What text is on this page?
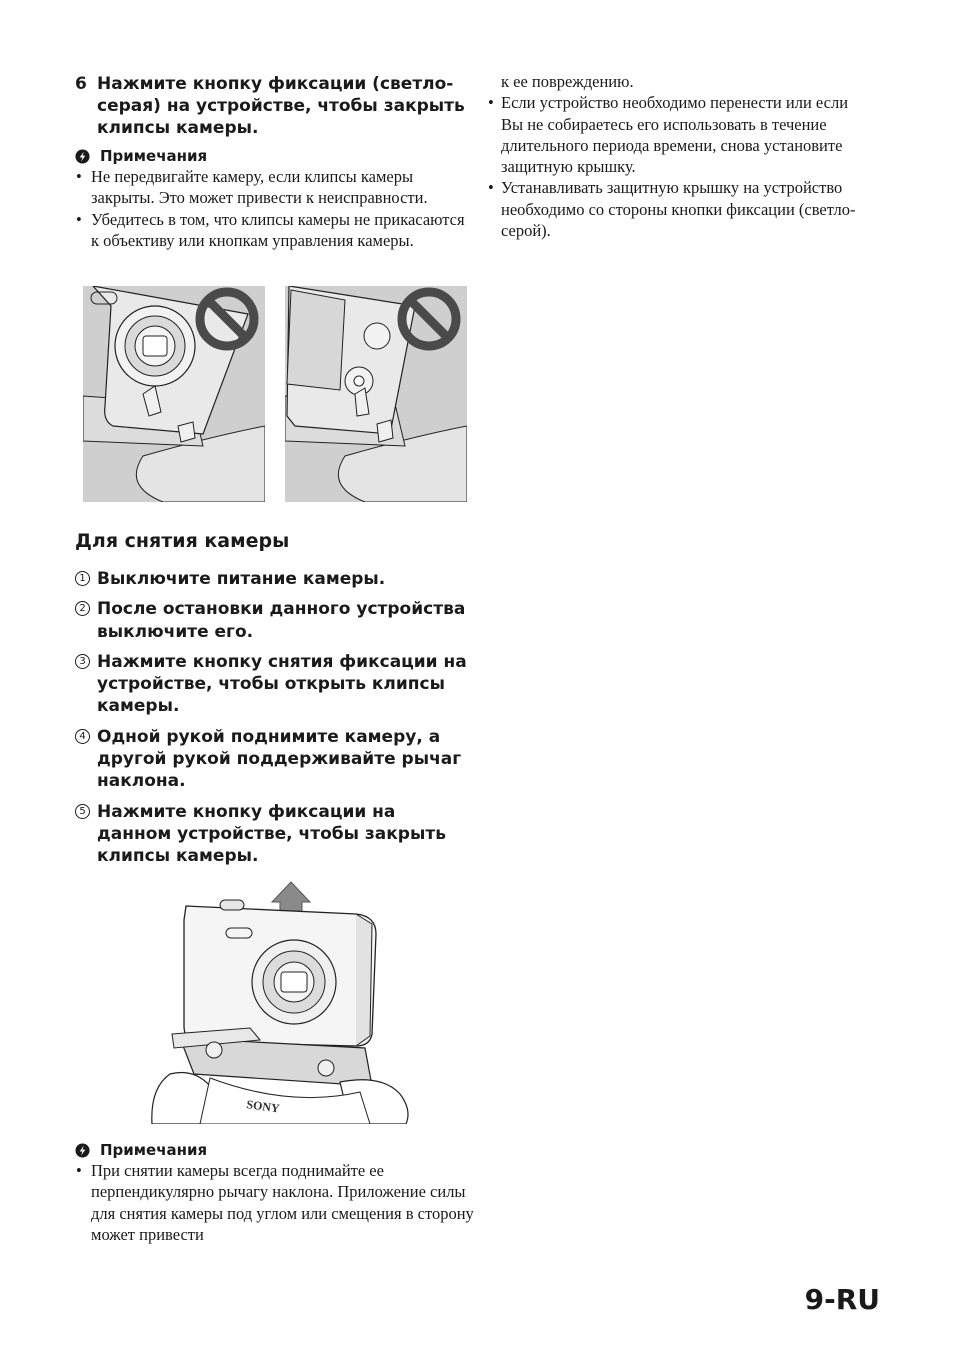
6 Нажмите кнопку фиксации (светло-серая) на устройстве, чтобы закрыть клипсы камеры.
Примечания
• Не передвигайте камеру, если клипсы камеры закрыты. Это может привести к неисправности.
• Убедитесь в том, что клипсы камеры не прикасаются к объективу или кнопкам управления камеры.
Для снятия камеры
1 Выключите питание камеры.
2 После остановки данного устройства выключите его.
3 Нажмите кнопку снятия фиксации на устройстве, чтобы открыть клипсы камеры.
4 Одной рукой поднимите камеру, а другой рукой поддерживайте рычаг наклона.
5 Нажмите кнопку фиксации на данном устройстве, чтобы закрыть клипсы камеры.
SONY
Примечания
• При снятии камеры всегда поднимайте ее перпендикулярно рычагу наклона. Приложение силы для снятия камеры под углом или смещения в сторону может привести
к ее повреждению.
• Если устройство необходимо перенести или если Вы не собираетесь его использовать в течение длительного периода времени, снова установите защитную крышку.
• Устанавливать защитную крышку на устройство необходимо со стороны кнопки фиксации (светло-серой).
9-RU
